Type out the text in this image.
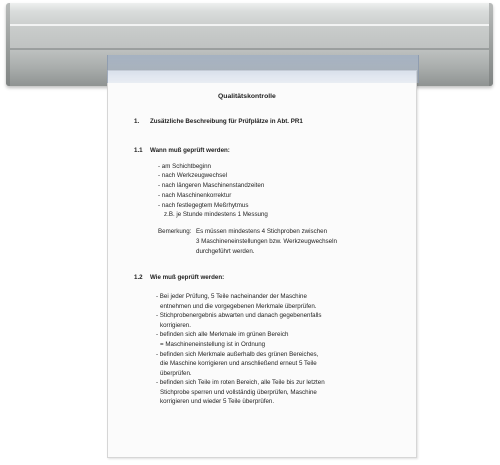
Qualitätskontrolle
1. Zusätzliche Beschreibung für Prüfplätze in Abt. PR1
1.1 Wann muß geprüft werden:
- am Schichtbeginn
- nach Werkzeugwechsel
- nach längeren Maschinenstandzeiten
- nach Maschinenkorrektur
- nach festlegegtem Meßrhytmus
z.B. je Stunde mindestens 1 Messung
Bemerkung: Es müssen mindestens 4 Stichproben zwischen
3 Maschineneinstellungen bzw. Werkzeugwechseln
durchgeführt werden.
1.2 Wie muß geprüft werden:
- Bei jeder Prüfung, 5 Teile nacheinander der Maschine
entnehmen und die vorgegebenen Merkmale überprüfen.
- Stichprobenergebnis abwarten und danach gegebenenfalls
korrigieren.
- befinden sich alle Merkmale im grünen Bereich
= Maschineneinstellung ist in Ordnung
- befinden sich Merkmale außerhalb des grünen Bereiches,
die Maschine korrigieren und anschließend erneut 5 Teile
überprüfen.
- befinden sich Teile im roten Bereich, alle Teile bis zur letzten
Stichprobe sperren und vollständig überprüfen, Maschine
korrigieren und wieder 5 Teile überprüfen.
